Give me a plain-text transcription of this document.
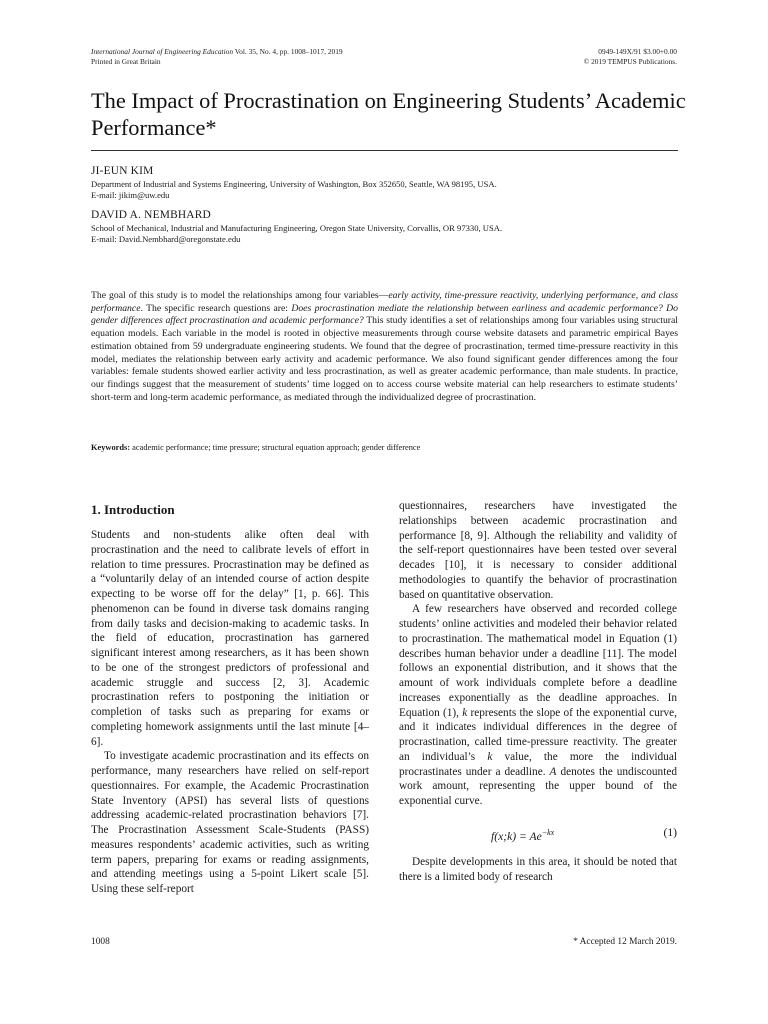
International Journal of Engineering Education Vol. 35, No. 4, pp. 1008–1017, 2019
Printed in Great Britain
0949-149X/91 $3.00+0.00
© 2019 TEMPUS Publications.
The Impact of Procrastination on Engineering Students’ Academic Performance*
JI-EUN KIM
Department of Industrial and Systems Engineering, University of Washington, Box 352650, Seattle, WA 98195, USA.
E-mail: jikim@uw.edu
DAVID A. NEMBHARD
School of Mechanical, Industrial and Manufacturing Engineering, Oregon State University, Corvallis, OR 97330, USA.
E-mail: David.Nembhard@oregonstate.edu

The goal of this study is to model the relationships among four variables—early activity, time-pressure reactivity, underlying performance, and class performance. The specific research questions are: Does procrastination mediate the relationship between earliness and academic performance? Do gender differences affect procrastination and academic performance? This study identifies a set of relationships among four variables using structural equation models. Each variable in the model is rooted in objective measurements through course website datasets and parametric empirical Bayes estimation obtained from 59 undergraduate engineering students. We found that the degree of procrastination, termed time-pressure reactivity in this model, mediates the relationship between early activity and academic performance. We also found significant gender differences among the four variables: female students showed earlier activity and less procrastination, as well as greater academic performance, than male students. In practice, our findings suggest that the measurement of students’ time logged on to access course website material can help researchers to estimate students’ short-term and long-term academic performance, as mediated through the individualized degree of procrastination.

Keywords: academic performance; time pressure; structural equation approach; gender difference
1. Introduction

Students and non-students alike often deal with procrastination and the need to calibrate levels of effort in relation to time pressures. Procrastination may be defined as a “voluntarily delay of an intended course of action despite expecting to be worse off for the delay” [1, p. 66]. This phenomenon can be found in diverse task domains ranging from daily tasks and decision-making to academic tasks. In the field of education, procrastination has garnered significant interest among researchers, as it has been shown to be one of the strongest predictors of professional and academic struggle and success [2, 3]. Academic procrastination refers to postponing the initiation or completion of tasks such as preparing for exams or completing homework assignments until the last minute [4–6].

To investigate academic procrastination and its effects on performance, many researchers have relied on self-report questionnaires. For example, the Academic Procrastination State Inventory (APSI) has several lists of questions addressing academic-related procrastination behaviors [7]. The Procrastination Assessment Scale-Students (PASS) measures respondents’ academic activities, such as writing term papers, preparing for exams or reading assignments, and attending meetings using a 5-point Likert scale [5]. Using these self-report

questionnaires, researchers have investigated the relationships between academic procrastination and performance [8, 9]. Although the reliability and validity of the self-report questionnaires have been tested over several decades [10], it is necessary to consider additional methodologies to quantify the behavior of procrastination based on quantitative observation.

A few researchers have observed and recorded college students’ online activities and modeled their behavior related to procrastination. The mathematical model in Equation (1) describes human behavior under a deadline [11]. The model follows an exponential distribution, and it shows that the amount of work individuals complete before a deadline increases exponentially as the deadline approaches. In Equation (1), k represents the slope of the exponential curve, and it indicates individual differences in the degree of procrastination, called time-pressure reactivity. The greater an individual’s k value, the more the individual procrastinates under a deadline. A denotes the undiscounted work amount, representing the upper bound of the exponential curve.

f(x;k) = $Ae^{-kx}$	(1)

Despite developments in this area, it should be noted that there is a limited body of research

1008	* Accepted 12 March 2019.
